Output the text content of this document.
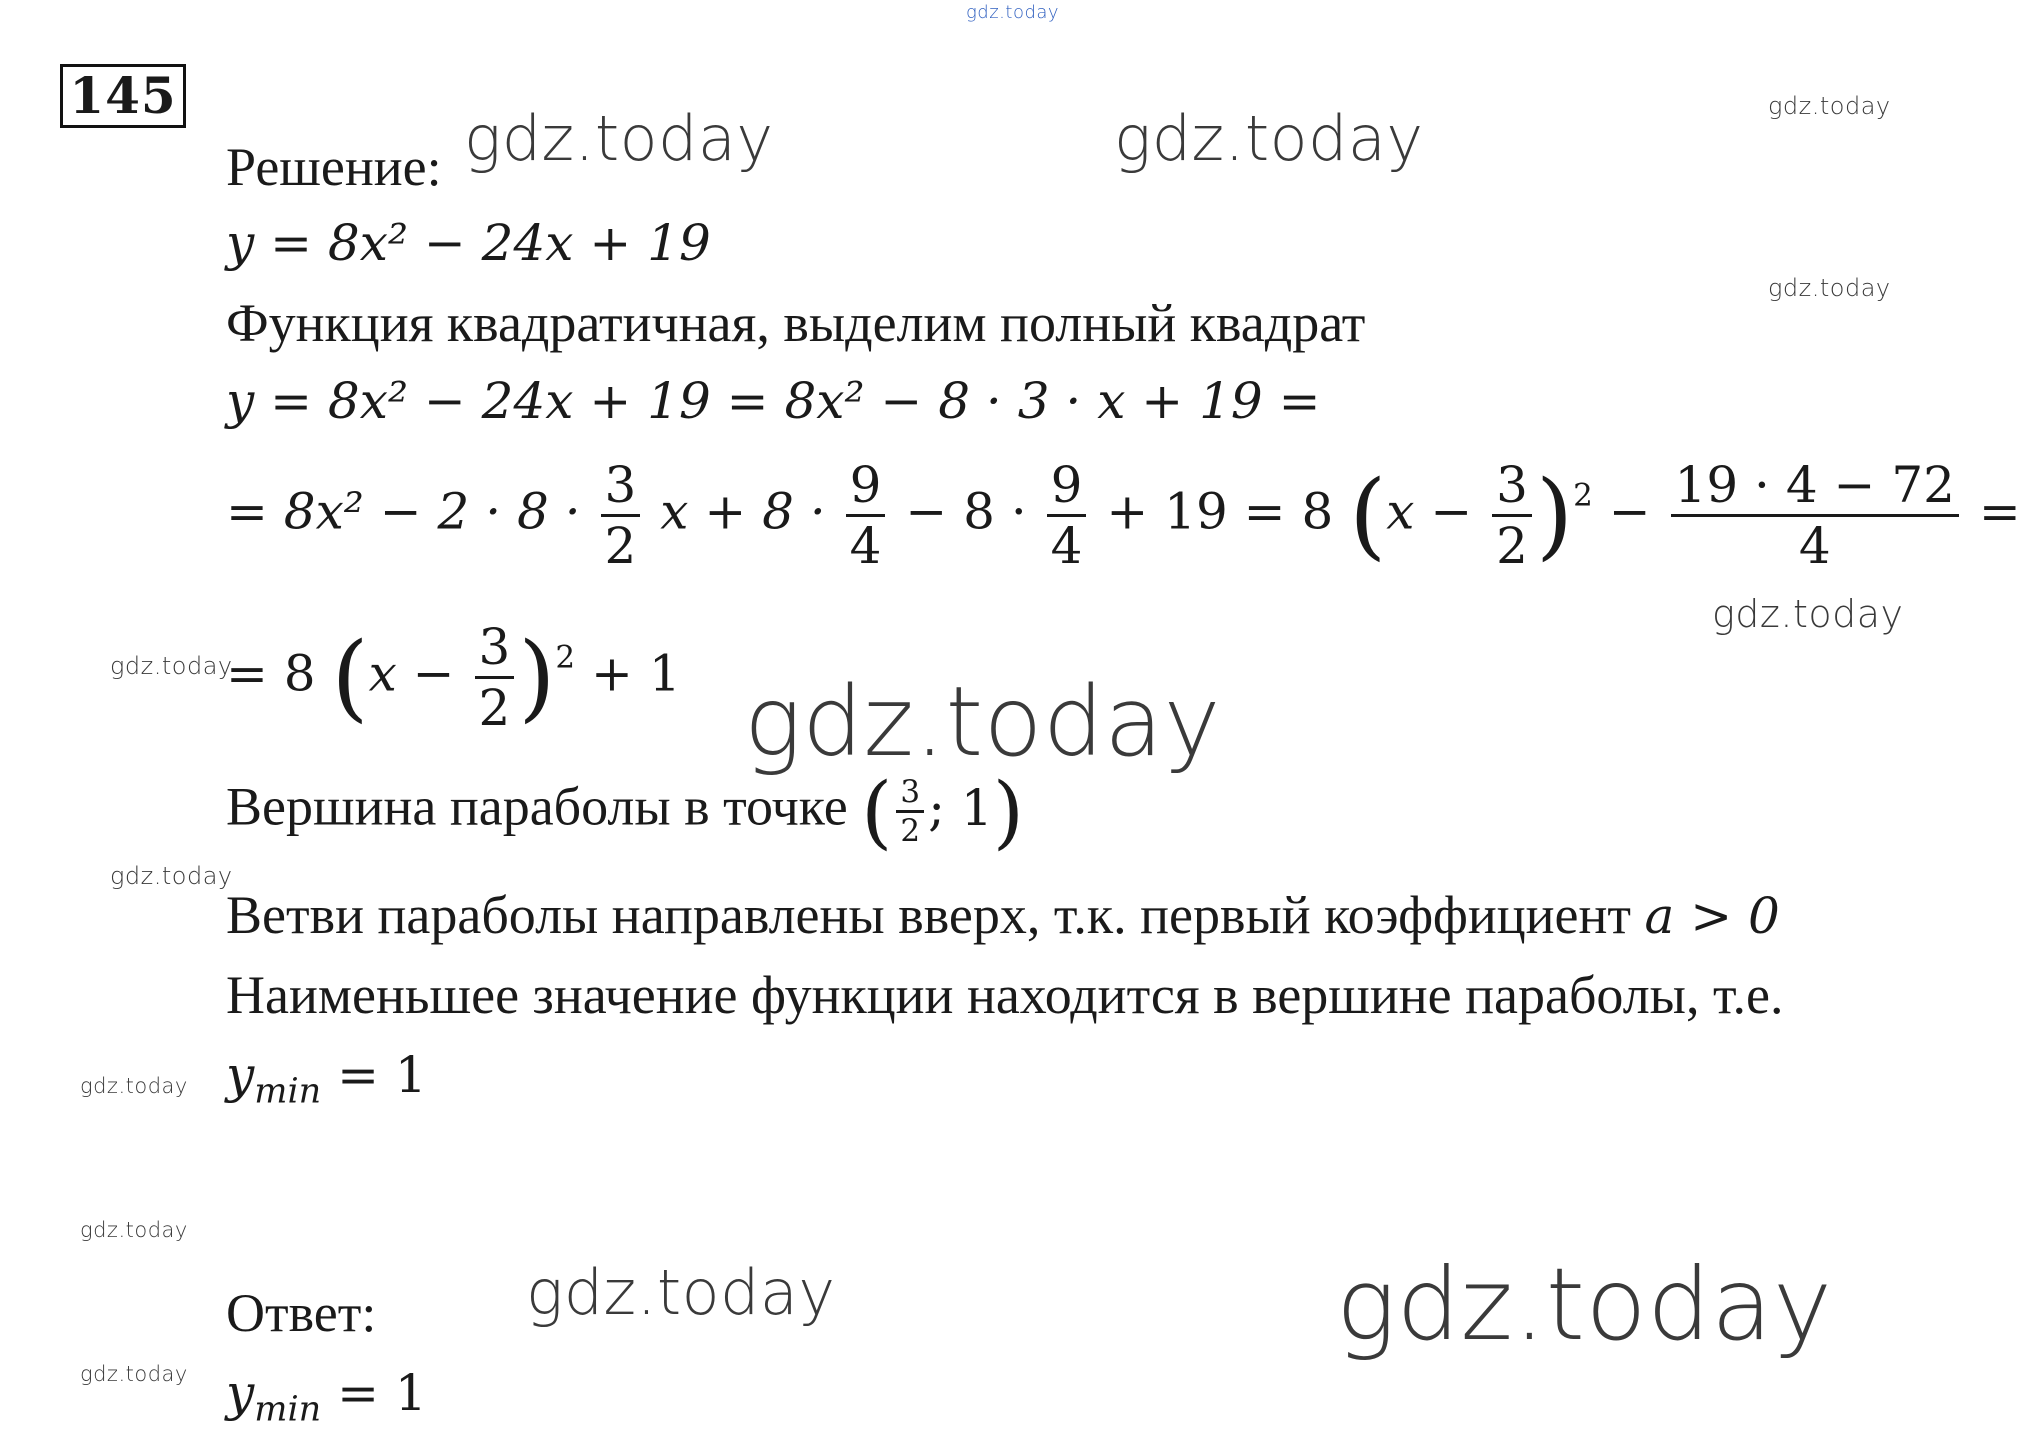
145
gdz.today
gdz.today	gdz.today	gdz.today
gdz.today
gdz.today
gdz.today	gdz.today
gdz.today
gdz.today
gdz.today
gdz.today	gdz.today
gdz.today
Решение:
y = 8x² − 24x + 19
Функция квадратичная, выделим полный квадрат
y = 8x² − 24x + 19 = 8x² − 8 · 3 · x + 19 =
= $8x^2 - 2 \cdot 8 \cdot \frac{3}{2}$ $x + 8 \cdot \frac{9}{4} - 8 \cdot \frac{9}{4} + 19 = 8$ $(x - \frac{3}{2} )^2 - \frac{19 \cdot 4 - 72}{4}$ =
= 8 $(x - \frac{3}{2} )^2 + 1$
Вершина параболы в точке ( $\frac{3}{2}$ ; 1)
Ветви параболы направлены вверх, т.к. первый коэффициент a > 0
Наименьшее значение функции находится в вершине параболы, т.е.
$y_{min} = 1$
Ответ:
$y_{min} = 1$
